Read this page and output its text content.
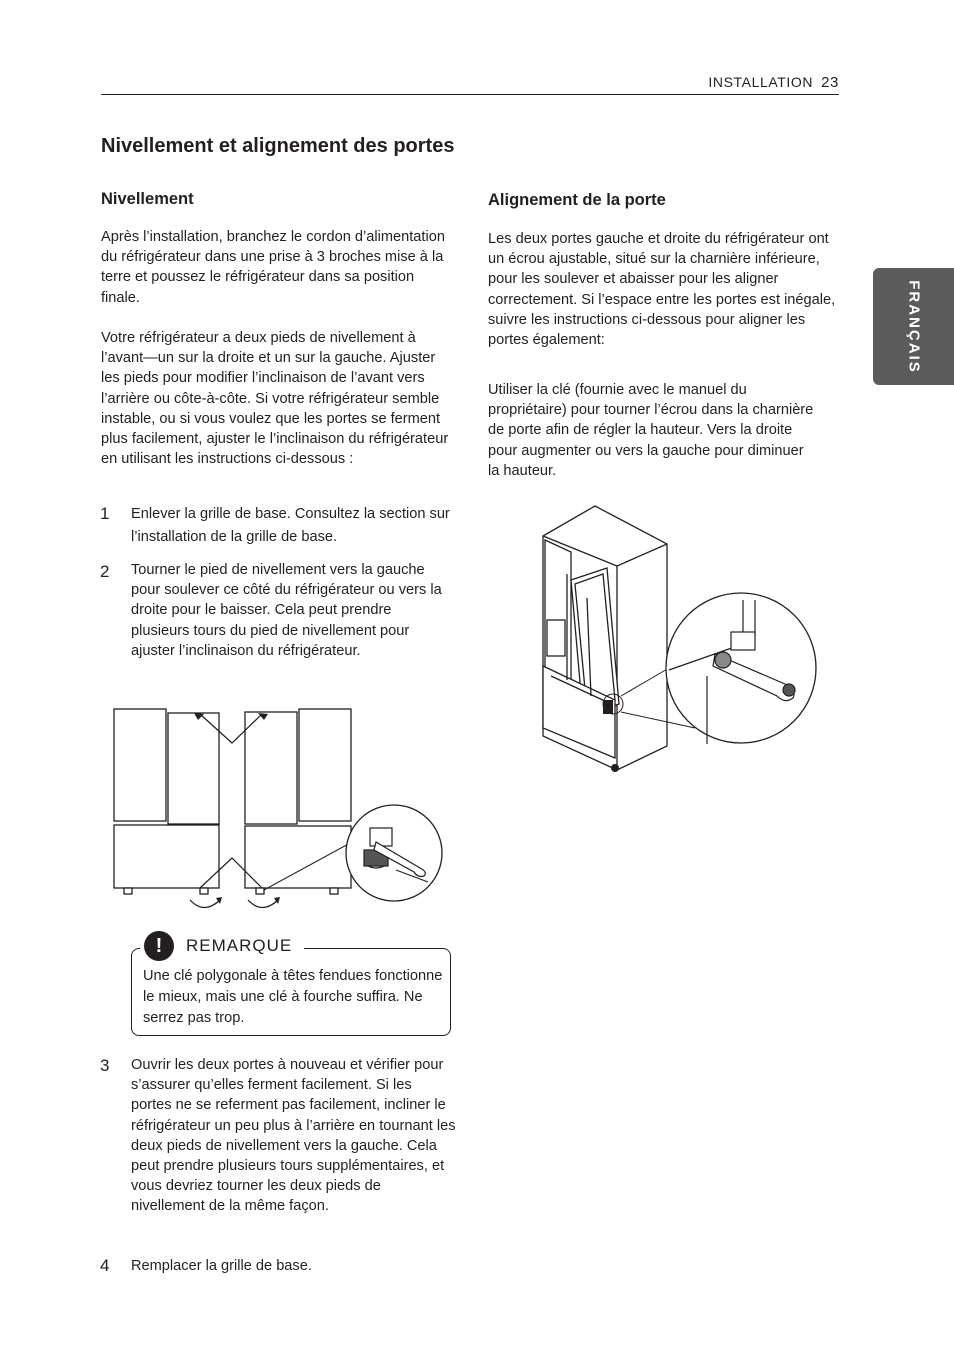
INSTALLATION 23
FRANÇAIS
Nivellement et alignement des portes
Nivellement

Après l’installation, branchez le cordon d’alimentation du réfrigérateur dans une prise à 3 broches mise à la terre et poussez le réfrigérateur dans sa position finale.

Votre réfrigérateur a deux pieds de nivellement à l’avant—un sur la droite et un sur la gauche. Ajuster les pieds pour modifier l’inclinaison de l’avant vers l’arrière ou côte-à-côte. Si votre réfrigérateur semble instable, ou si vous voulez que les portes se ferment plus facilement, ajuster le l’inclinaison du réfrigérateur en utilisant les instructions ci-dessous :

1 Enlever la grille de base. Consultez la section sur l’installation de la grille de base.
2 Tourner le pied de nivellement vers la gauche pour soulever ce côté du réfrigérateur ou vers la droite pour le baisser. Cela peut prendre plusieurs tours du pied de nivellement pour ajuster l’inclinaison du réfrigérateur.
!	REMARQUE
Une clé polygonale à têtes fendues fonctionne le mieux, mais une clé à fourche suffira. Ne serrez pas trop.
3 Ouvrir les deux portes à nouveau et vérifier pour s’assurer qu’elles ferment facilement. Si les portes ne se referment pas facilement, incliner le réfrigérateur un peu plus à l’arrière en tournant les deux pieds de nivellement vers la gauche. Cela peut prendre plusieurs tours supplémentaires, et vous devriez tourner les deux pieds de nivellement de la même façon.
4 Remplacer la grille de base.
Alignement de la porte

Les deux portes gauche et droite du réfrigérateur ont un écrou ajustable, situé sur la charnière inférieure, pour les soulever et abaisser pour les aligner correctement. Si l’espace entre les portes est inégale, suivre les instructions ci-dessous pour aligner les portes également:

Utiliser la clé (fournie avec le manuel du propriétaire) pour tourner l’écrou dans la charnière de porte afin de régler la hauteur. Vers la droite pour augmenter ou vers la gauche pour diminuer la hauteur.
